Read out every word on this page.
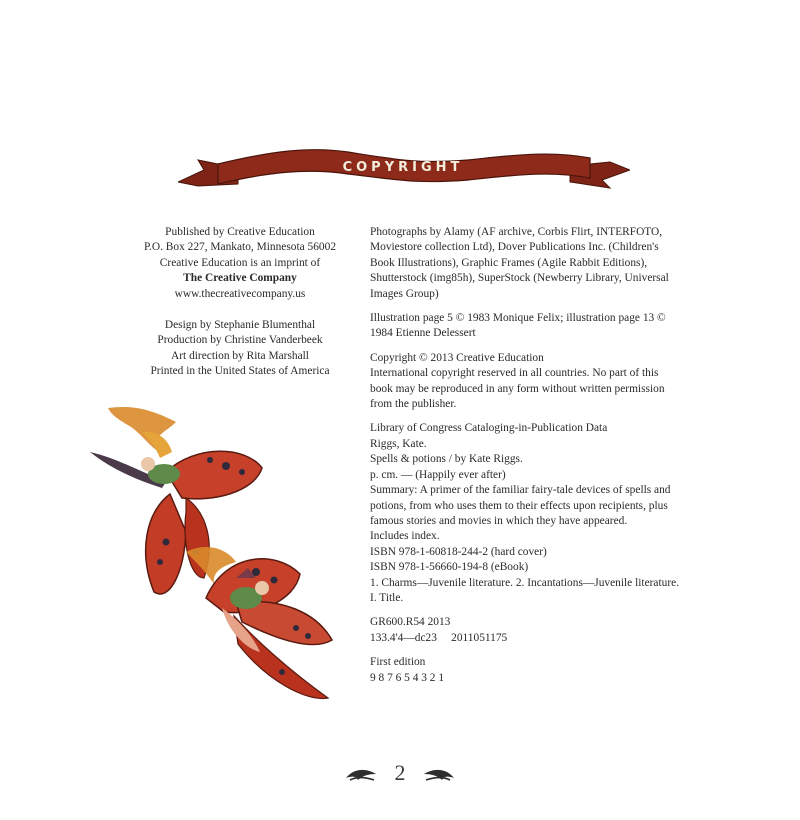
COPYRIGHT

Published by Creative Education

P.O. Box 227, Mankato, Minnesota 56002

Creative Education is an imprint of

The Creative Company

www.thecreativecompany.us

Design by Stephanie Blumenthal

Production by Christine Vanderbeek

Art direction by Rita Marshall

Printed in the United States of America

Photographs by Alamy (AF archive, Corbis Flirt, INTERFOTO,

Moviestore collection Ltd), Dover Publications Inc. (Children's

Book Illustrations), Graphic Frames (Agile Rabbit Editions),

Shutterstock (img85h), SuperStock (Newberry Library, Universal

Images Group)

Illustration page 5 © 1983 Monique Felix; illustration page 13 ©

1984 Etienne Delessert

Copyright © 2013 Creative Education

International copyright reserved in all countries. No part of this

book may be reproduced in any form without written permission

from the publisher.

Library of Congress Cataloging-in-Publication Data

Riggs, Kate.

Spells & potions / by Kate Riggs.

p. cm. — (Happily ever after)

Summary: A primer of the familiar fairy-tale devices of spells and

potions, from who uses them to their effects upon recipients, plus

famous stories and movies in which they have appeared.

Includes index.

ISBN 978-1-60818-244-2 (hard cover)

ISBN 978-1-56660-194-8 (eBook)

1. Charms—Juvenile literature. 2. Incantations—Juvenile literature.

I. Title.

GR600.R54 2013

133.4'4—dc23     2011051175

First edition

9 8 7 6 5 4 3 2 1

2
